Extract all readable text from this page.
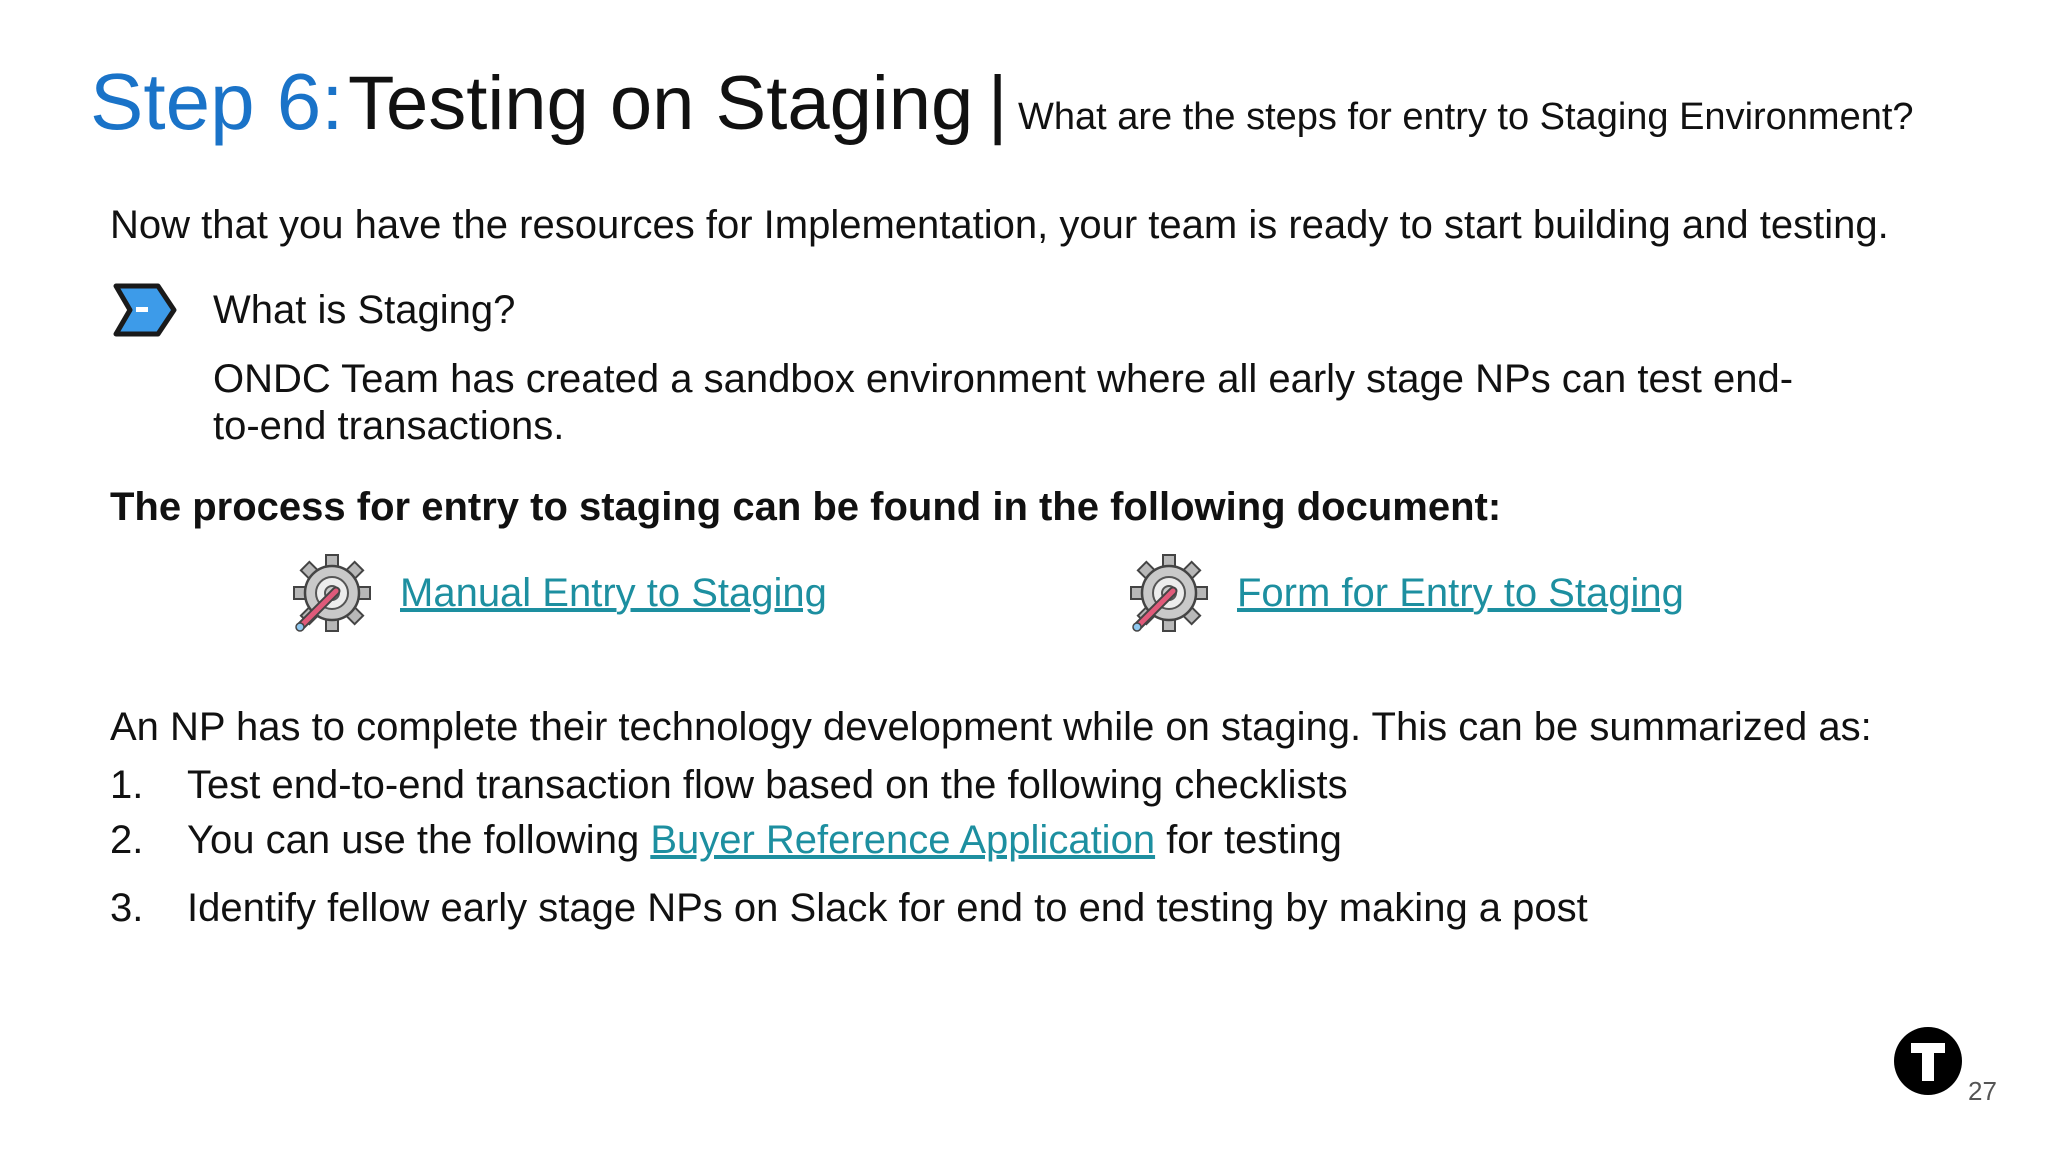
Step 6: Testing on Staging | What are the steps for entry to Staging Environment?
Now that you have the resources for Implementation, your team is ready to start building and testing.
What is Staging?
ONDC Team has created a sandbox environment where all early stage NPs can test end-to-end transactions.
The process for entry to staging can be found in the following document:
Manual Entry to Staging	Form for Entry to Staging
An NP has to complete their technology development while on staging. This can be summarized as:
1. Test end-to-end transaction flow based on the following checklists
2. You can use the following Buyer Reference Application for testing
3. Identify fellow early stage NPs on Slack for end to end testing by making a post
27
